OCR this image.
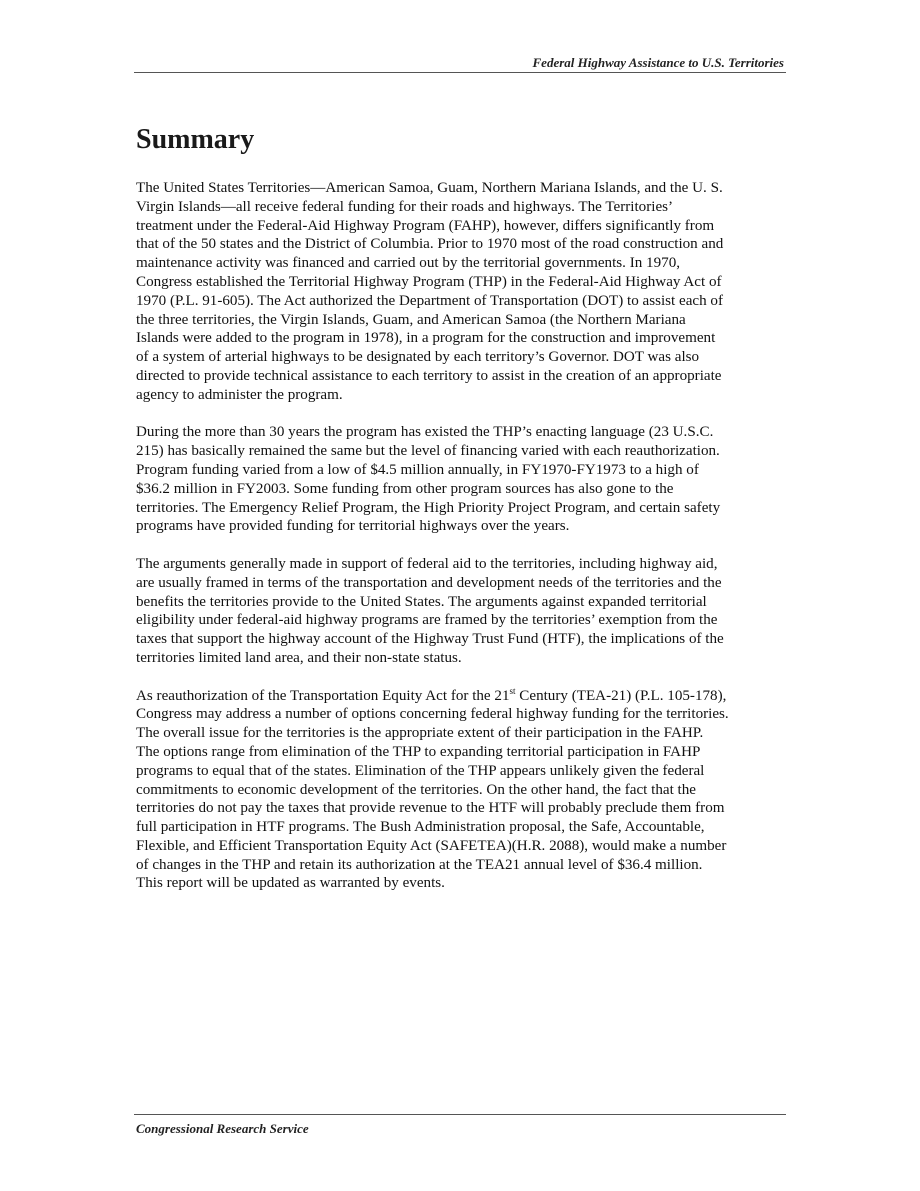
Federal Highway Assistance to U.S. Territories
Summary

The United States Territories—American Samoa, Guam, Northern Mariana Islands, and the U. S.
Virgin Islands—all receive federal funding for their roads and highways. The Territories’
treatment under the Federal-Aid Highway Program (FAHP), however, differs significantly from
that of the 50 states and the District of Columbia. Prior to 1970 most of the road construction and
maintenance activity was financed and carried out by the territorial governments. In 1970,
Congress established the Territorial Highway Program (THP) in the Federal-Aid Highway Act of
1970 (P.L. 91-605). The Act authorized the Department of Transportation (DOT) to assist each of
the three territories, the Virgin Islands, Guam, and American Samoa (the Northern Mariana
Islands were added to the program in 1978), in a program for the construction and improvement
of a system of arterial highways to be designated by each territory’s Governor. DOT was also
directed to provide technical assistance to each territory to assist in the creation of an appropriate
agency to administer the program.

During the more than 30 years the program has existed the THP’s enacting language (23 U.S.C.
215) has basically remained the same but the level of financing varied with each reauthorization.
Program funding varied from a low of $4.5 million annually, in FY1970-FY1973 to a high of
$36.2 million in FY2003. Some funding from other program sources has also gone to the
territories. The Emergency Relief Program, the High Priority Project Program, and certain safety
programs have provided funding for territorial highways over the years.

The arguments generally made in support of federal aid to the territories, including highway aid,
are usually framed in terms of the transportation and development needs of the territories and the
benefits the territories provide to the United States. The arguments against expanded territorial
eligibility under federal-aid highway programs are framed by the territories’ exemption from the
taxes that support the highway account of the Highway Trust Fund (HTF), the implications of the
territories limited land area, and their non-state status.

As reauthorization of the Transportation Equity Act for the 21st Century (TEA-21) (P.L. 105-178),
Congress may address a number of options concerning federal highway funding for the territories.
The overall issue for the territories is the appropriate extent of their participation in the FAHP.
The options range from elimination of the THP to expanding territorial participation in FAHP
programs to equal that of the states. Elimination of the THP appears unlikely given the federal
commitments to economic development of the territories. On the other hand, the fact that the
territories do not pay the taxes that provide revenue to the HTF will probably preclude them from
full participation in HTF programs. The Bush Administration proposal, the Safe, Accountable,
Flexible, and Efficient Transportation Equity Act (SAFETEA)(H.R. 2088), would make a number
of changes in the THP and retain its authorization at the TEA21 annual level of $36.4 million.
This report will be updated as warranted by events.

Congressional Research Service
